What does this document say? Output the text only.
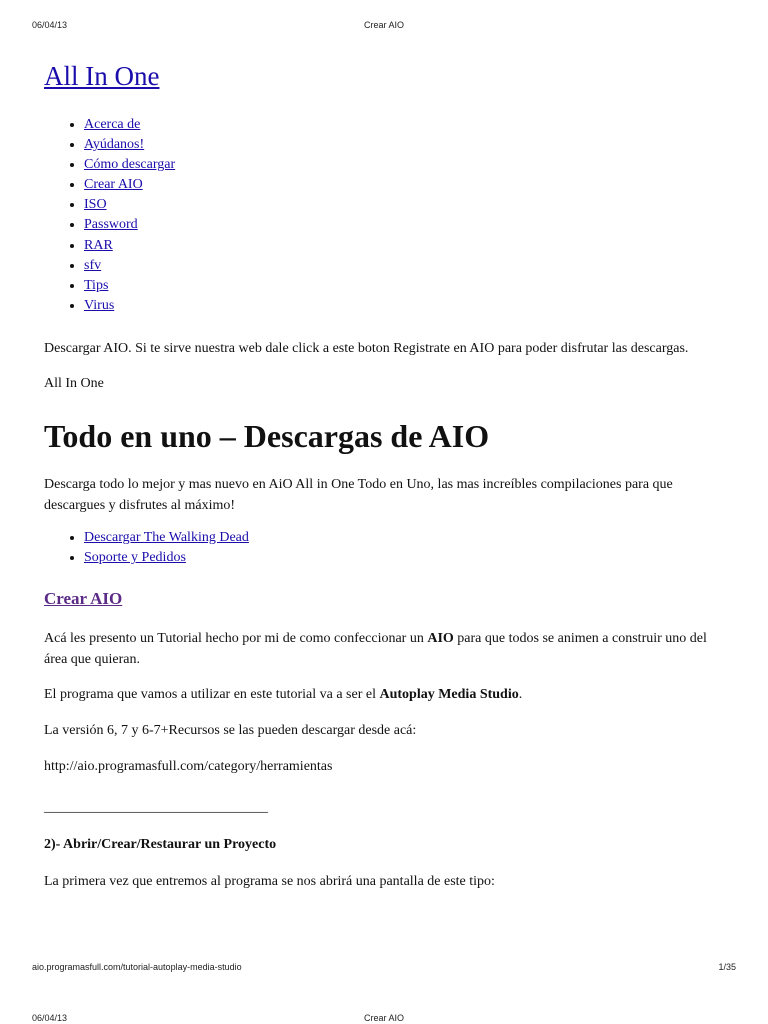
06/04/13	Crear AIO
All In One
• Acerca de
• Ayúdanos!
• Cómo descargar
• Crear AIO
• ISO
• Password
• RAR
• sfv
• Tips
• Virus

Descargar AIO. Si te sirve nuestra web dale click a este boton Registrate en AIO para poder disfrutar las descargas.

All In One

Todo en uno – Descargas de AIO

Descarga todo lo mejor y mas nuevo en AiO All in One Todo en Uno, las mas increíbles compilaciones para que descargues y disfrutes al máximo!

• Descargar The Walking Dead
• Soporte y Pedidos
Crear AIO

Acá les presento un Tutorial hecho por mi de como confeccionar un AIO para que todos se animen a construir uno del área que quieran.

El programa que vamos a utilizar en este tutorial va a ser el Autoplay Media Studio.

La versión 6, 7 y 6-7+Recursos se las pueden descargar desde acá:

http://aio.programasfull.com/category/herramientas

________________________________

2)- Abrir/Crear/Restaurar un Proyecto

La primera vez que entremos al programa se nos abrirá una pantalla de este tipo:

aio.programasfull.com/tutorial-autoplay-media-studio	1/35
06/04/13	Crear AIO
